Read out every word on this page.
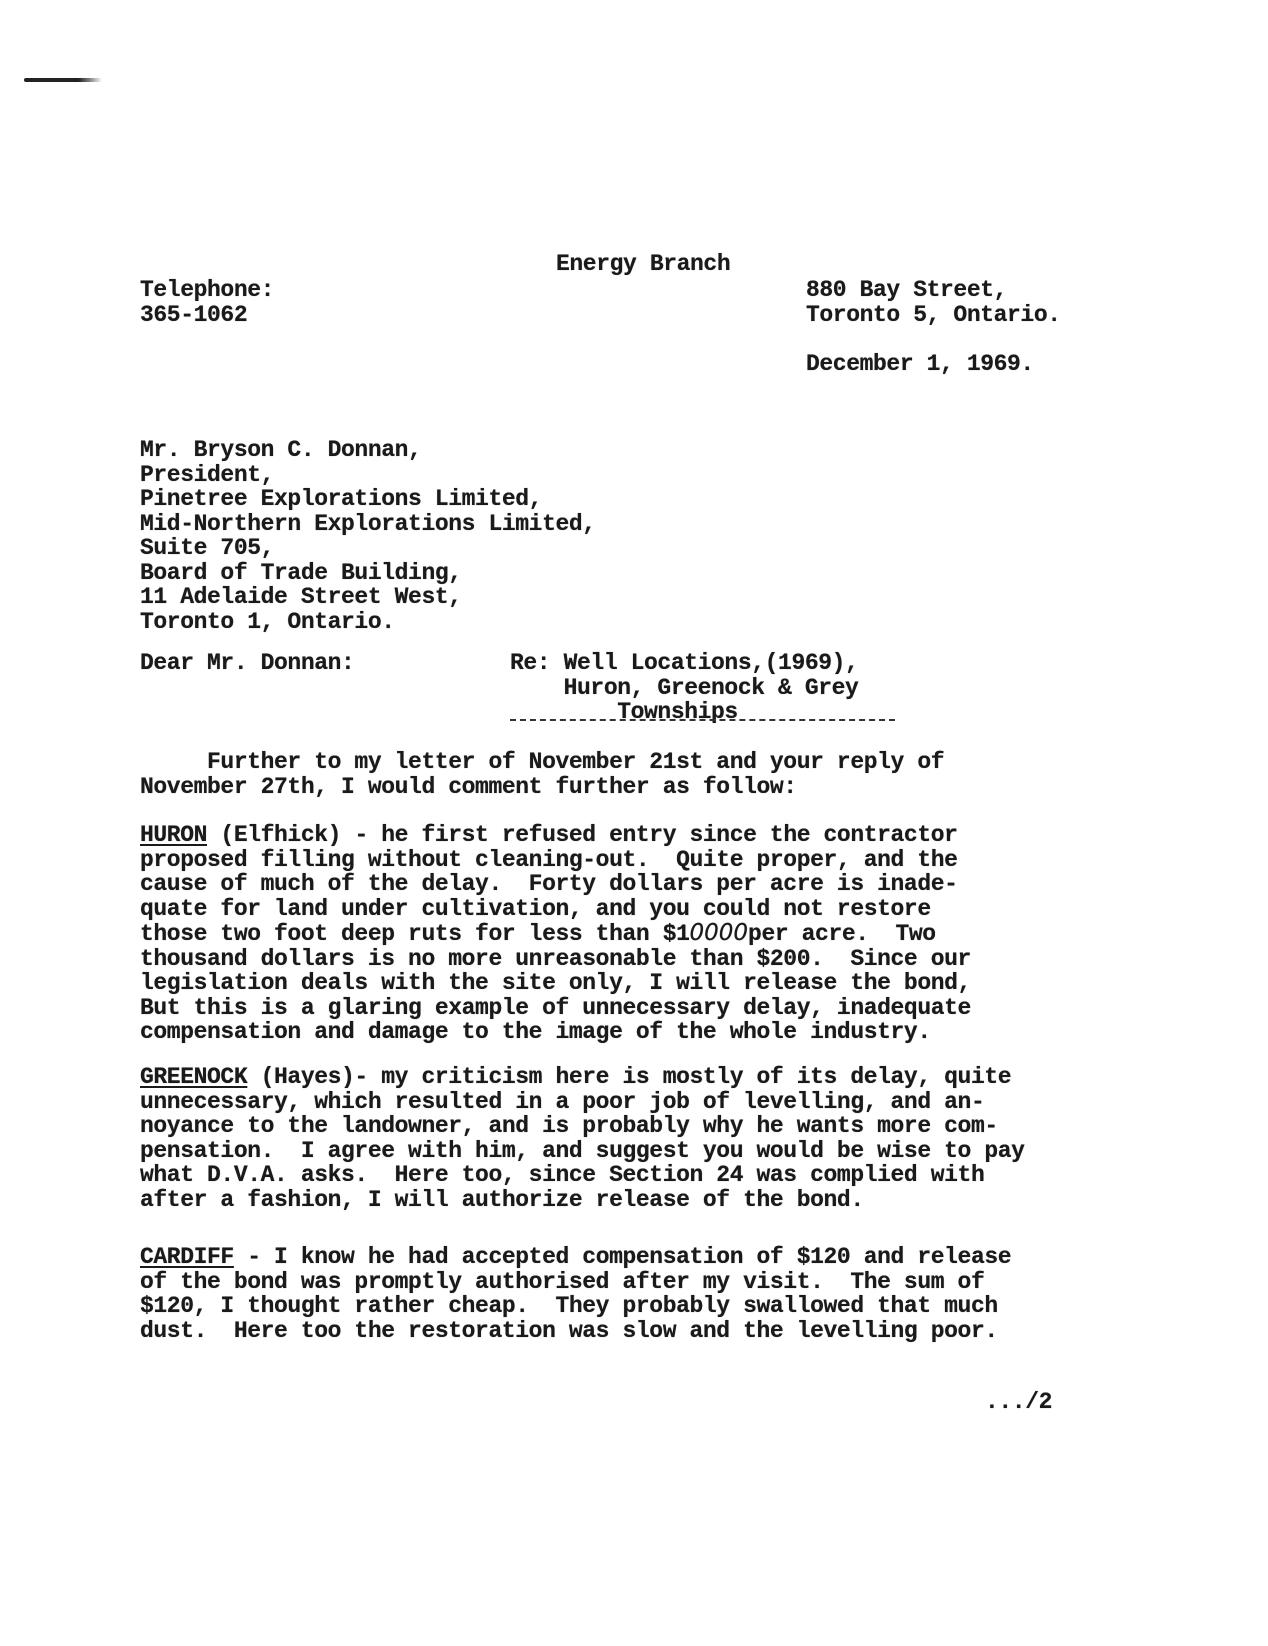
Energy Branch
Telephone:
365-1062
880 Bay Street,
Toronto 5, Ontario.
December 1, 1969.
Mr. Bryson C. Donnan,
President,
Pinetree Explorations Limited,
Mid-Northern Explorations Limited,
Suite 705,
Board of Trade Building,
11 Adelaide Street West,
Toronto 1, Ontario.
Dear Mr. Donnan:	Re: Well Locations,(1969),
Huron, Greenock & Grey
Townships
Further to my letter of November 21st and your reply of
November 27th, I would comment further as follow:
HURON (Elfhick) - he first refused entry since the contractor
proposed filling without cleaning-out.  Quite proper, and the
cause of much of the delay.  Forty dollars per acre is inade-
quate for land under cultivation, and you could not restore
those two foot deep ruts for less than $10000per acre.  Two
thousand dollars is no more unreasonable than $200.  Since our
legislation deals with the site only, I will release the bond,
But this is a glaring example of unnecessary delay, inadequate
compensation and damage to the image of the whole industry.
GREENOCK (Hayes)- my criticism here is mostly of its delay, quite
unnecessary, which resulted in a poor job of levelling, and an-
noyance to the landowner, and is probably why he wants more com-
pensation.  I agree with him, and suggest you would be wise to pay
what D.V.A. asks.  Here too, since Section 24 was complied with
after a fashion, I will authorize release of the bond.
CARDIFF - I know he had accepted compensation of $120 and release
of the bond was promptly authorised after my visit.  The sum of
$120, I thought rather cheap.  They probably swallowed that much
dust.  Here too the restoration was slow and the levelling poor.
.../2
